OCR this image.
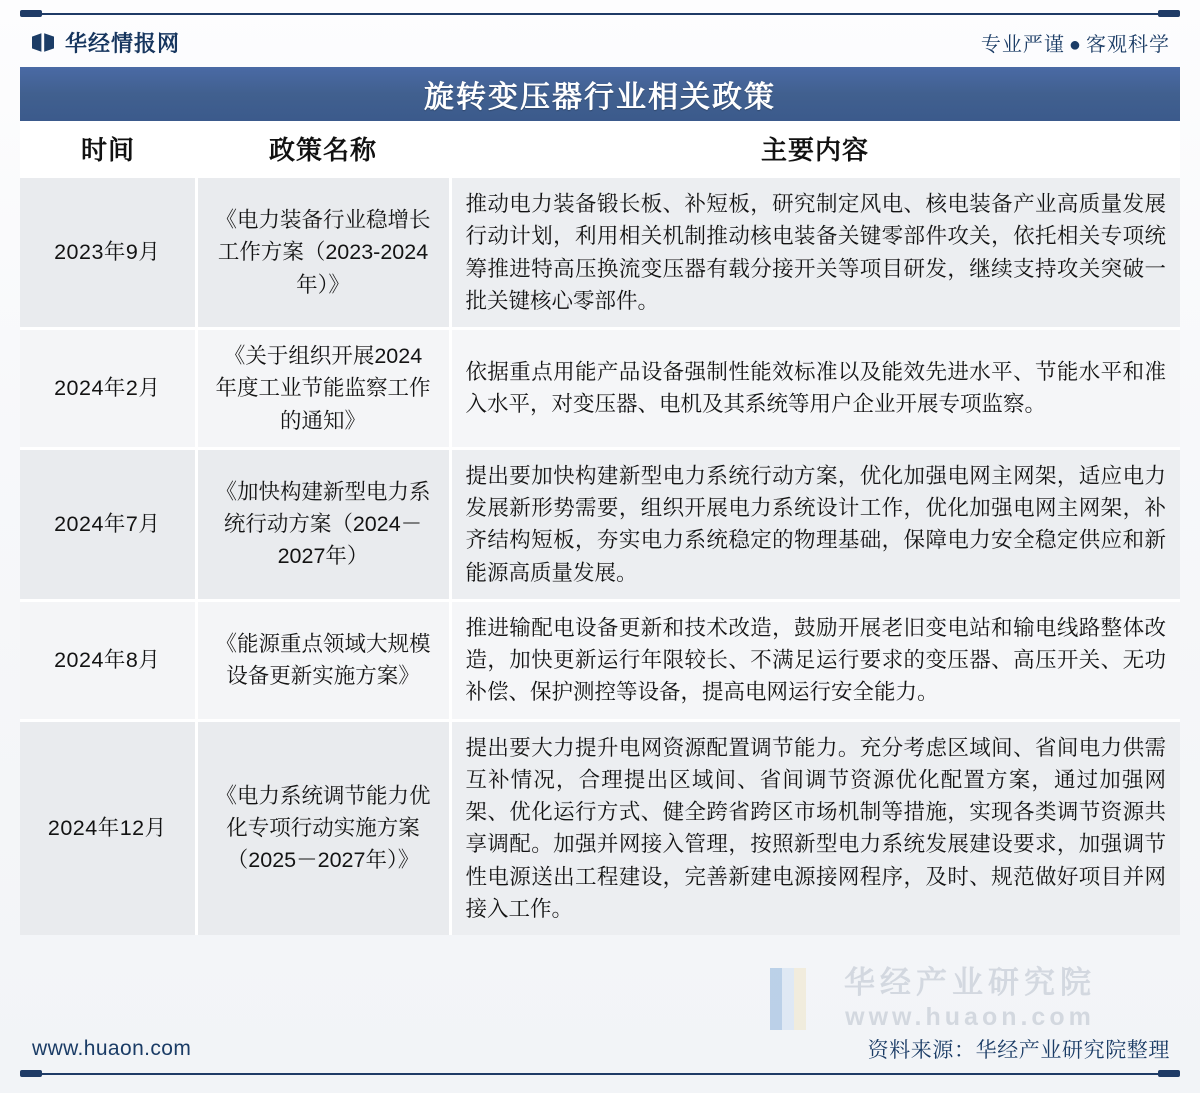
华经情报网	专业严谨 ● 客观科学
旋转变压器行业相关政策
时间	政策名称	主要内容
2023年9月	《电力装备行业稳增长工作方案（2023-2024年）》	推动电力装备锻长板、补短板，研究制定风电、核电装备产业高质量发展行动计划，利用相关机制推动核电装备关键零部件攻关，依托相关专项统筹推进特高压换流变压器有载分接开关等项目研发，继续支持攻关突破一批关键核心零部件。
2024年2月	《关于组织开展2024年度工业节能监察工作的通知》	依据重点用能产品设备强制性能效标准以及能效先进水平、节能水平和准入水平，对变压器、电机及其系统等用户企业开展专项监察。
2024年7月	《加快构建新型电力系统行动方案（2024－2027年）	提出要加快构建新型电力系统行动方案，优化加强电网主网架，适应电力发展新形势需要，组织开展电力系统设计工作，优化加强电网主网架，补齐结构短板，夯实电力系统稳定的物理基础，保障电力安全稳定供应和新能源高质量发展。
2024年8月	《能源重点领域大规模设备更新实施方案》	推进输配电设备更新和技术改造，鼓励开展老旧变电站和输电线路整体改造，加快更新运行年限较长、不满足运行要求的变压器、高压开关、无功补偿、保护测控等设备，提高电网运行安全能力。
2024年12月	《电力系统调节能力优化专项行动实施方案（2025－2027年）》	提出要大力提升电网资源配置调节能力。充分考虑区域间、省间电力供需互补情况，合理提出区域间、省间调节资源优化配置方案，通过加强网架、优化运行方式、健全跨省跨区市场机制等措施，实现各类调节资源共享调配。加强并网接入管理，按照新型电力系统发展建设要求，加强调节性电源送出工程建设，完善新建电源接网程序，及时、规范做好项目并网接入工作。
华经产业研究院
www.huaon.com
www.huaon.com	资料来源：华经产业研究院整理
